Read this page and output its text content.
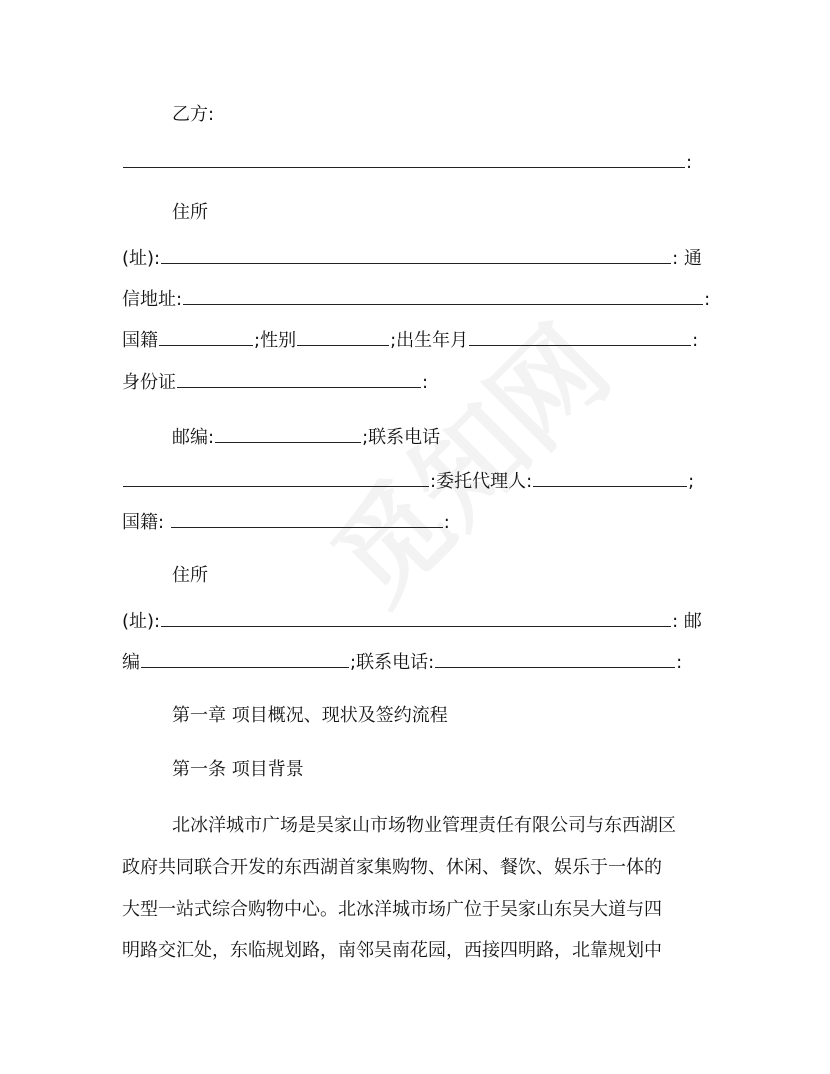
乙方:
:
住所
(址):	: 通
信地址:	:
国籍	;性别	;出生年月	:
身份证	:
邮编:	;联系电话
:委托代理人:	;
国籍:	:
住所
(址):	: 邮
编	;联系电话:	:
第一章 项目概况、现状及签约流程
第一条 项目背景
北冰洋城市广场是吴家山市场物业管理责任有限公司与东西湖区
政府共同联合开发的东西湖首家集购物、休闲、餐饮、娱乐于一体的
大型一站式综合购物中心。北冰洋城市场广位于吴家山东吴大道与四
明路交汇处，东临规划路，南邻吴南花园，西接四明路，北靠规划中
